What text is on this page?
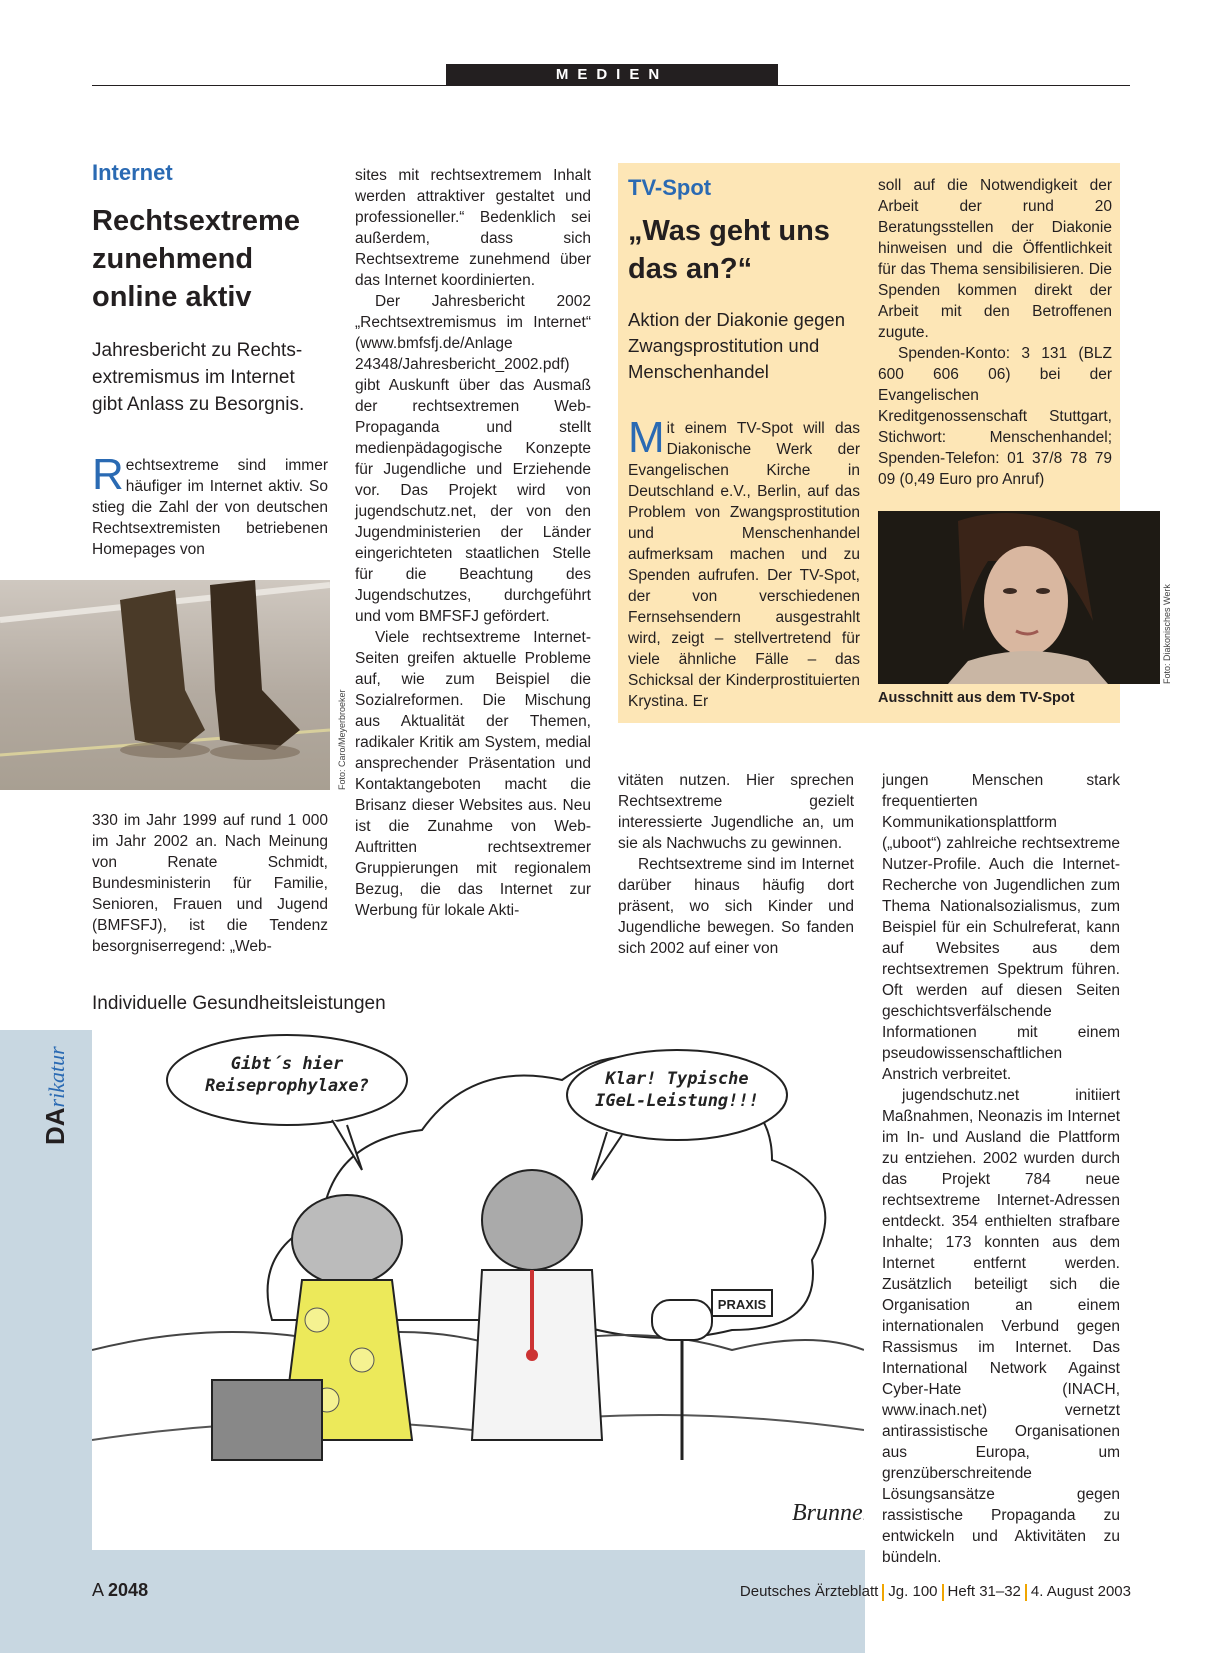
MEDIEN
Internet
Rechtsextreme zunehmend online aktiv
Jahresbericht zu Rechtsextremismus im Internet gibt Anlass zu Besorgnis.
Rechtsextreme sind immer häufiger im Internet aktiv. So stieg die Zahl der von deutschen Rechtsextremisten betriebenen Homepages von
Foto: Caro/Meyerbroeker
330 im Jahr 1999 auf rund 1 000 im Jahr 2002 an. Nach Meinung von Renate Schmidt, Bundesministerin für Familie, Senioren, Frauen und Jugend (BMFSFJ), ist die Tendenz besorgniserregend: „Web-

sites mit rechtsextremem Inhalt werden attraktiver gestaltet und professioneller.“ Bedenklich sei außerdem, dass sich Rechtsextreme zunehmend über das Internet koordinierten.

Der Jahresbericht 2002 „Rechtsextremismus im Internet“ (www.bmfsfj.de/Anlage 24348/Jahresbericht_2002.pdf) gibt Auskunft über das Ausmaß der rechtsextremen Web-Propaganda und stellt medienpädagogische Konzepte für Jugendliche und Erziehende vor. Das Projekt wird von jugendschutz.net, der von den Jugendministerien der Länder eingerichteten staatlichen Stelle für die Beachtung des Jugendschutzes, durchgeführt und vom BMFSFJ gefördert.

Viele rechtsextreme Internet-Seiten greifen aktuelle Probleme auf, wie zum Beispiel die Sozialreformen. Die Mischung aus Aktualität der Themen, radikaler Kritik am System, medial ansprechender Präsentation und Kontaktangeboten macht die Brisanz dieser Websites aus. Neu ist die Zunahme von Web-Auftritten rechtsextremer Gruppierungen mit regionalem Bezug, die das Internet zur Werbung für lokale Akti-

vitäten nutzen. Hier sprechen Rechtsextreme gezielt interessierte Jugendliche an, um sie als Nachwuchs zu gewinnen.

Rechtsextreme sind im Internet darüber hinaus häufig dort präsent, wo sich Kinder und Jugendliche bewegen. So fanden sich 2002 auf einer von

jungen Menschen stark frequentierten Kommunikationsplattform („uboot“) zahlreiche rechtsextreme Nutzer-Profile. Auch die Internet-Recherche von Jugendlichen zum Thema Nationalsozialismus, zum Beispiel für ein Schulreferat, kann auf Websites aus dem rechtsextremen Spektrum führen. Oft werden auf diesen Seiten geschichtsverfälschende Informationen mit einem pseudowissenschaftlichen Anstrich verbreitet.

jugendschutz.net initiiert Maßnahmen, Neonazis im Internet im In- und Ausland die Plattform zu entziehen. 2002 wurden durch das Projekt 784 neue rechtsextreme Internet-Adressen entdeckt. 354 enthielten strafbare Inhalte; 173 konnten aus dem Internet entfernt werden. Zusätzlich beteiligt sich die Organisation an einem internationalen Verbund gegen Rassismus im Internet. Das International Network Against Cyber-Hate (INACH, www.inach.net) vernetzt antirassistische Organisationen aus Europa, um grenzüberschreitende Lösungsansätze gegen rassistische Propaganda zu entwickeln und Aktivitäten zu bündeln.

TV-Spot
„Was geht uns das an?“
Aktion der Diakonie gegen Zwangsprostitution und Menschenhandel
Mit einem TV-Spot will das Diakonische Werk der Evangelischen Kirche in Deutschland e.V., Berlin, auf das Problem von Zwangsprostitution und Menschenhandel aufmerksam machen und zu Spenden aufrufen. Der TV-Spot, der von verschiedenen Fernsehsendern ausgestrahlt wird, zeigt – stellvertretend für viele ähnliche Fälle – das Schicksal der Kinderprostituierten Krystina. Er

soll auf die Notwendigkeit der Arbeit der rund 20 Beratungsstellen der Diakonie hinweisen und die Öffentlichkeit für das Thema sensibilisieren. Die Spenden kommen direkt der Arbeit mit den Betroffenen zugute.

Spenden-Konto: 3 131 (BLZ 600 606 06) bei der Evangelischen Kreditgenossenschaft Stuttgart, Stichwort: Menschenhandel; Spenden-Telefon: 01 37/8 78 79 09 (0,49 Euro pro Anruf)

Ausschnitt aus dem TV-Spot
Foto: Diakonisches Werk
DArikatur
Individuelle Gesundheitsleistungen
PRAXIS
Gibt´s hier Reiseprophylaxe?	Klar! Typische IGeL-Leistung!!!
Brunner
A 2048	Deutsches Ärzteblatt Jg. 100 Heft 31–32 4. August 2003
